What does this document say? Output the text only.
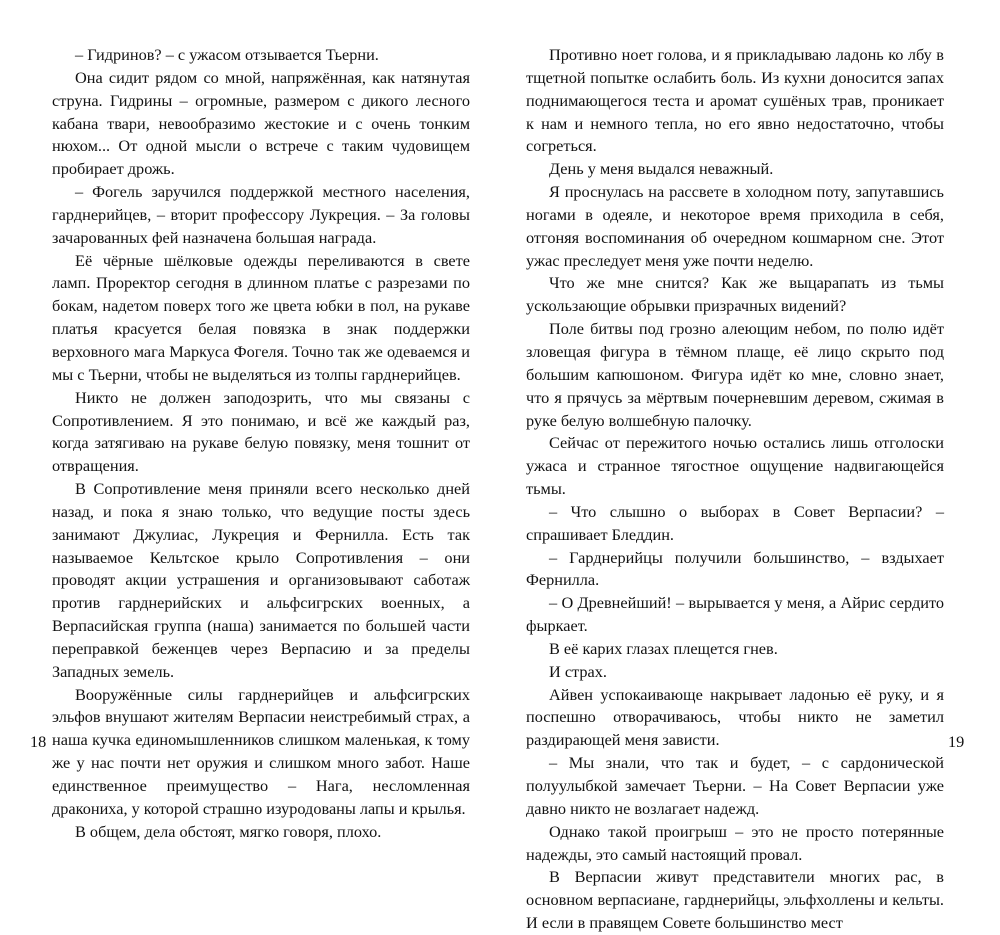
– Гидринов? – с ужасом отзывается Тьерни.

Она сидит рядом со мной, напряжённая, как натянутая струна. Гидрины – огромные, размером с дикого лесного кабана твари, невообразимо жестокие и с очень тонким нюхом... От одной мысли о встрече с таким чудовищем пробирает дрожь.

– Фогель заручился поддержкой местного населения, гарднерийцев, – вторит профессору Лукреция. – За головы зачарованных фей назначена большая награда.

Её чёрные шёлковые одежды переливаются в свете ламп. Проректор сегодня в длинном платье с разрезами по бокам, надетом поверх того же цвета юбки в пол, на рукаве платья красуется белая повязка в знак поддержки верховного мага Маркуса Фогеля. Точно так же одеваемся и мы с Тьерни, чтобы не выделяться из толпы гарднерийцев.

Никто не должен заподозрить, что мы связаны с Сопротивлением. Я это понимаю, и всё же каждый раз, когда затягиваю на рукаве белую повязку, меня тошнит от отвращения.

В Сопротивление меня приняли всего несколько дней назад, и пока я знаю только, что ведущие посты здесь занимают Джулиас, Лукреция и Фернилла. Есть так называемое Кельтское крыло Сопротивления – они проводят акции устрашения и организовывают саботаж против гарднерийских и альфсигрских военных, а Верпасийская группа (наша) занимается по большей части переправкой беженцев через Верпасию и за пределы Западных земель.

Вооружённые силы гарднерийцев и альфсигрских эльфов внушают жителям Верпасии неистребимый страх, а наша кучка единомышленников слишком маленькая, к тому же у нас почти нет оружия и слишком много забот. Наше единственное преимущество – Нага, несломленная дракониха, у которой страшно изуродованы лапы и крылья.

В общем, дела обстоят, мягко говоря, плохо.

18

Противно ноет голова, и я прикладываю ладонь ко лбу в тщетной попытке ослабить боль. Из кухни доносится запах поднимающегося теста и аромат сушёных трав, проникает к нам и немного тепла, но его явно недостаточно, чтобы согреться.

День у меня выдался неважный.

Я проснулась на рассвете в холодном поту, запутавшись ногами в одеяле, и некоторое время приходила в себя, отгоняя воспоминания об очередном кошмарном сне. Этот ужас преследует меня уже почти неделю.

Что же мне снится? Как же выцарапать из тьмы ускользающие обрывки призрачных видений?

Поле битвы под грозно алеющим небом, по полю идёт зловещая фигура в тёмном плаще, её лицо скрыто под большим капюшоном. Фигура идёт ко мне, словно знает, что я прячусь за мёртвым почерневшим деревом, сжимая в руке белую волшебную палочку.

Сейчас от пережитого ночью остались лишь отголоски ужаса и странное тягостное ощущение надвигающейся тьмы.

– Что слышно о выборах в Совет Верпасии? – спрашивает Бледдин.

– Гарднерийцы получили большинство, – вздыхает Фернилла.

– О Древнейший! – вырывается у меня, а Айрис сердито фыркает.

В её карих глазах плещется гнев.

И страх.

Айвен успокаивающе накрывает ладонью её руку, и я поспешно отворачиваюсь, чтобы никто не заметил раздирающей меня зависти.

– Мы знали, что так и будет, – с сардонической полуулыбкой замечает Тьерни. – На Совет Верпасии уже давно никто не возлагает надежд.

Однако такой проигрыш – это не просто потерянные надежды, это самый настоящий провал.

В Верпасии живут представители многих рас, в основном верпасиане, гарднерийцы, эльфхоллены и кельты. И если в правящем Совете большинство мест

19
